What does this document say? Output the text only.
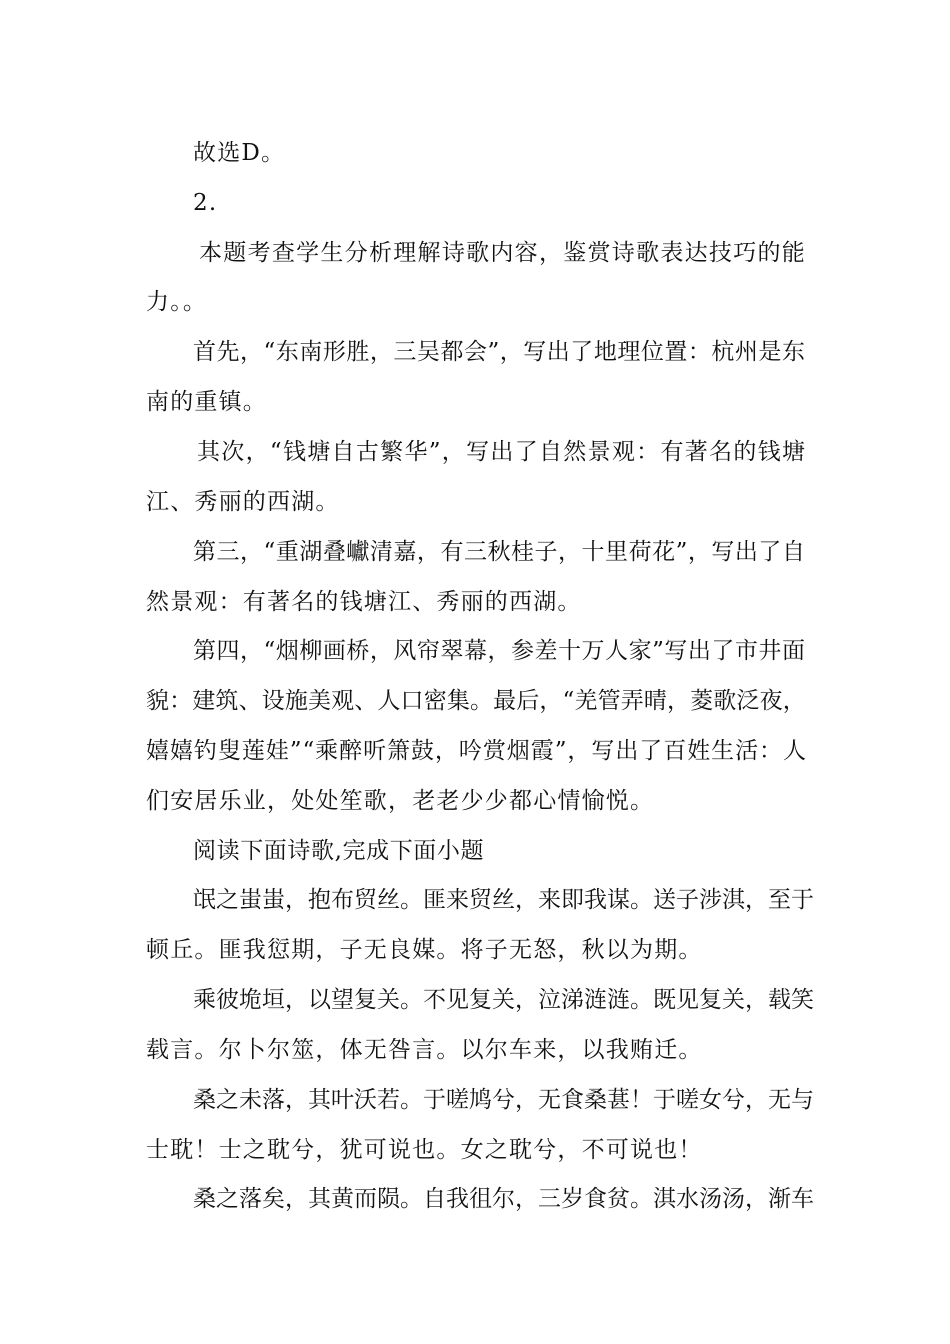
故选D。
2.
本 题 考 查 学 生 分 析 理 解 诗 歌 内 容 ， 鉴 赏 诗 歌 表 达 技 巧 的 能
力。。
首 先 ， “ 东 南 形 胜 ， 三 吴 都 会 ” ， 写 出 了 地 理 位 置 ： 杭 州 是 东
南的重镇。
其 次 ， “ 钱 塘 自 古 繁 华 ” ， 写 出 了 自 然 景 观 ： 有 著 名 的 钱 塘
江、秀丽的西湖。
第 三 ， “ 重 湖 叠 巘 清 嘉 ， 有 三 秋 桂 子 ， 十 里 荷 花 ” ， 写 出 了 自
然景观：有著名的钱塘江、秀丽的西湖。
第 四 ， “ 烟 柳 画 桥 ， 风 帘 翠 幕 ， 参 差 十 万 人 家 ” 写 出 了 市 井 面
貌 ： 建 筑 、 设 施 美 观 、 人 口 密 集 。 最 后 ， “ 羌 管 弄 晴 ， 菱 歌 泛 夜 ，
嬉 嬉 钓 叟 莲 娃 ” “ 乘 醉 听 箫 鼓 ， 吟 赏 烟 霞 ” ， 写 出 了 百 姓 生 活 ： 人
们安居乐业，处处笙歌，老老少少都心情愉悦。
阅读下面诗歌,完成下面小题
氓 之 蚩 蚩 ， 抱 布 贸 丝 。 匪 来 贸 丝 ， 来 即 我 谋 。 送 子 涉 淇 ， 至 于
顿丘。匪我愆期，子无良媒。将子无怒，秋以为期。
乘 彼 垝 垣 ， 以 望 复 关 。 不 见 复 关 ， 泣 涕 涟 涟 。 既 见 复 关 ， 载 笑
载言。尔卜尔筮，体无咎言。以尔车来，以我贿迁。
桑 之 未 落 ， 其 叶 沃 若 。 于 嗟 鸠 兮 ， 无 食 桑 葚 ！ 于 嗟 女 兮 ， 无 与
士耽！士之耽兮，犹可说也。女之耽兮，不可说也！
桑 之 落 矣 ， 其 黄 而 陨 。 自 我 徂 尔 ， 三 岁 食 贫 。 淇 水 汤 汤 ， 渐 车
